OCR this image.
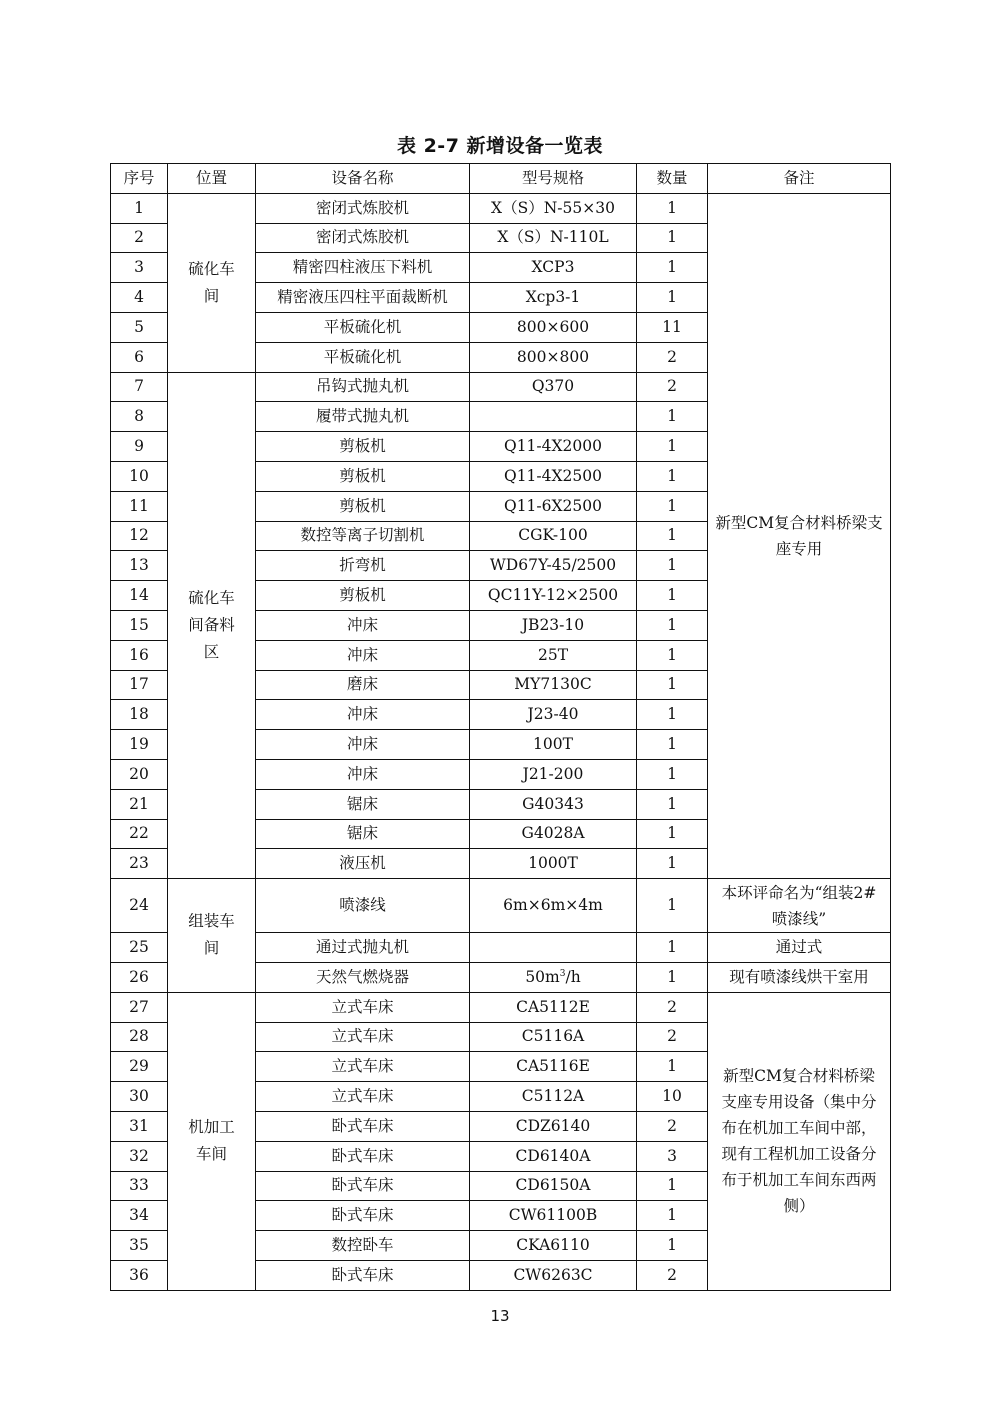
表 2-7 新增设备一览表
序号	位置	设备名称	型号规格	数量	备注
1	硫化车间	密闭式炼胶机	X（S）N-55×30	1	新型CM复合材料桥梁支座专用
2		密闭式炼胶机	X（S）N-110L	1	
3		精密四柱液压下料机	XCP3	1	
4		精密液压四柱平面裁断机	Xcp3-1	1	
5		平板硫化机	800×600	11	
6		平板硫化机	800×800	2	
7	硫化车间备料区	吊钩式抛丸机	Q370	2	
8		履带式抛丸机		1	
9		剪板机	Q11-4X2000	1	
10		剪板机	Q11-4X2500	1	
11		剪板机	Q11-6X2500	1	
12		数控等离子切割机	CGK-100	1	
13		折弯机	WD67Y-45/2500	1	
14		剪板机	QC11Y-12×2500	1	
15		冲床	JB23-10	1	
16		冲床	25T	1	
17		磨床	MY7130C	1	
18		冲床	J23-40	1	
19		冲床	100T	1	
20		冲床	J21-200	1	
21		锯床	G40343	1	
22		锯床	G4028A	1	
23		液压机	1000T	1	
24	组装车间	喷漆线	6m×6m×4m	1	本环评命名为“组装2#喷漆线”
25		通过式抛丸机		1	通过式
26		天然气燃烧器	$50m^3/h$	1	现有喷漆线烘干室用
27	机加工车间	立式车床	CA5112E	2	新型CM复合材料桥梁支座专用设备（集中分布在机加工车间中部，现有工程机加工设备分布于机加工车间东西两侧）
28		立式车床	C5116A	2	
29		立式车床	CA5116E	1	
30		立式车床	C5112A	10	
31		卧式车床	CDZ6140	2	
32		卧式车床	CD6140A	3	
33		卧式车床	CD6150A	1	
34		卧式车床	CW61100B	1	
35		数控卧车	CKA6110	1	
36		卧式车床	CW6263C	2	
13
